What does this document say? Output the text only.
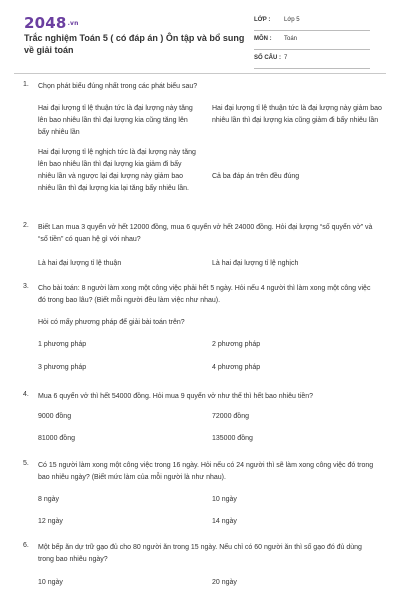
2048.vn
Trắc nghiệm Toán 5 ( có đáp án ) Ôn tập và bổ sung về giải toán
LỚP : Lớp 5
MÔN : Toán
SỐ CÂU : 7
1. Chọn phát biểu đúng nhất trong các phát biểu sau?
Hai đại lượng tỉ lệ thuận tức là đại lượng này tăng lên bao nhiêu lần thì đại lượng kia cũng tăng lên bấy nhiêu lần
Hai đại lượng tỉ lệ thuận tức là đại lượng này giảm bao nhiêu lần thì đại lượng kia cũng giảm đi bấy nhiêu lần
Hai đại lượng tỉ lệ nghịch tức là đại lượng này tăng lên bao nhiêu lần thì đại lượng kia giảm đi bấy nhiêu lần và ngược lại đại lượng này giảm bao nhiêu lần thì đại lượng kia lại tăng bấy nhiêu lần.
Cả ba đáp án trên đều đúng
2. Biết Lan mua 3 quyển vở hết 12000 đồng, mua 6 quyển vở hết 24000 đồng. Hỏi đại lượng “số quyển vở” và “số tiền” có quan hệ gì với nhau?
Là hai đại lượng tỉ lệ thuận	Là hai đại lượng tỉ lệ nghịch
3. Cho bài toán: 8 người làm xong một công việc phải hết 5 ngày. Hỏi nếu 4 người thì làm xong một công việc đó trong bao lâu? (Biết mỗi người đều làm việc như nhau).
Hỏi có mấy phương pháp để giải bài toán trên?
1 phương pháp	2 phương pháp
3 phương pháp	4 phương pháp
4. Mua 6 quyển vở thì hết 54000 đồng. Hỏi mua 9 quyển vở như thế thì hết bao nhiêu tiền?
9000 đồng	72000 đồng
81000 đồng	135000 đồng
5. Có 15 người làm xong một công việc trong 16 ngày. Hỏi nếu có 24 người thì sẽ làm xong công việc đó trong bao nhiêu ngày? (Biết mức làm của mỗi người là như nhau).
8 ngày	10 ngày
12 ngày	14 ngày
6. Một bếp ăn dự trữ gạo đủ cho 80 người ăn trong 15 ngày. Nếu chỉ có 60 người ăn thì số gạo đó đủ dùng trong bao nhiêu ngày?
10 ngày	20 ngày
